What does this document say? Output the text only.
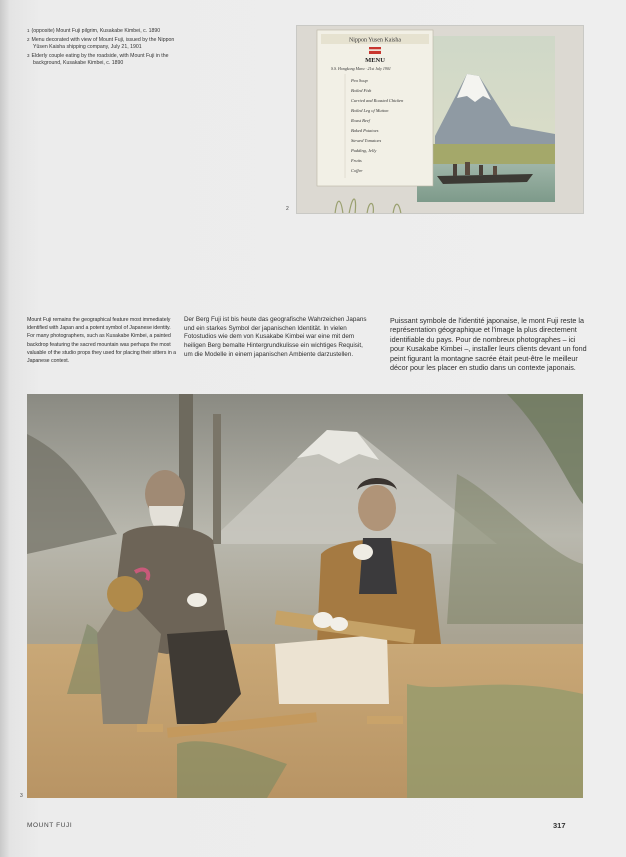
1 (opposite) Mount Fuji pilgrim, Kusakabe Kimbei, c. 1890
2 Menu decorated with view of Mount Fuji, issued by the Nippon Yūsen Kaisha shipping company, July 21, 1901
3 Elderly couple eating by the roadside, with Mount Fuji in the background, Kusakabe Kimbei, c. 1890
Nippon Yusen Kaisha
MENU
S.S. Hongkong Maru · 21st July 1901
Pea Soup
Boiled Fish
Curried and Roasted Chicken
Boiled Leg of Mutton
Roast Beef
Baked Potatoes
Stewed Tomatoes
Pudding, Jelly
Fruits
Coffee
2
Mount Fuji remains the geographical feature most immediately identified with Japan and a potent symbol of Japanese identity. For many photographers, such as Kusakabe Kimbei, a painted backdrop featuring the sacred mountain was perhaps the most valuable of the studio props they used for placing their sitters in a Japanese context.
Der Berg Fuji ist bis heute das geografische Wahrzeichen Japans und ein starkes Symbol der japanischen Identität. In vielen Fotostudios wie dem von Kusakabe Kimbei war eine mit dem heiligen Berg bemalte Hintergrundkulisse ein wichtiges Requisit, um die Modelle in einem japanischen Ambiente darzustellen.
Puissant symbole de l'identité japonaise, le mont Fuji reste la représentation géographique et l'image la plus directement identifiable du pays. Pour de nombreux photographes – ici pour Kusakabe Kimbei –, installer leurs clients devant un fond peint figurant la montagne sacrée était peut-être le meilleur décor pour les placer en studio dans un contexte japonais.
3
MOUNT FUJI	317
